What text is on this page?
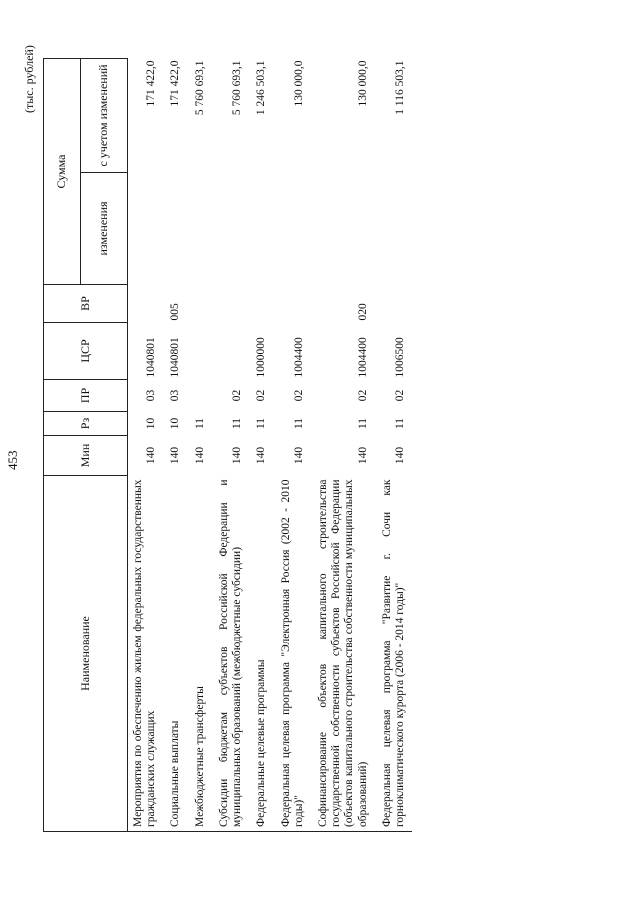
453
(тыс. рублей)
Наименование	Мин	Рз	ПР	ЦСР	ВР	Сумма	
						изменения	с учетом изменений
Мероприятия по обеспечению жильем федеральных государственных гражданских служащих	140	10	03	1040801			171 422,0
Социальные выплаты	140	10	03	1040801	005		171 422,0
Межбюджетные трансферты	140	11					5 760 693,1
Субсидии бюджетам субъектов Российской Федерации и муниципальных образований (межбюджетные субсидии)	140	11	02				5 760 693,1
Федеральные целевые программы	140	11	02	1000000			1 246 503,1
Федеральная целевая программа "Электронная Россия (2002 - 2010 годы)"	140	11	02	1004400			130 000,0
Софинансирование объектов капитального строительства государственной собственности субъектов Российской Федерации (объектов капитального строительства собственности муниципальных образований)	140	11	02	1004400	020		130 000,0
Федеральная целевая программа "Развитие г. Сочи как горноклиматического курорта (2006 - 2014 годы)"	140	11	02	1006500			1 116 503,1
